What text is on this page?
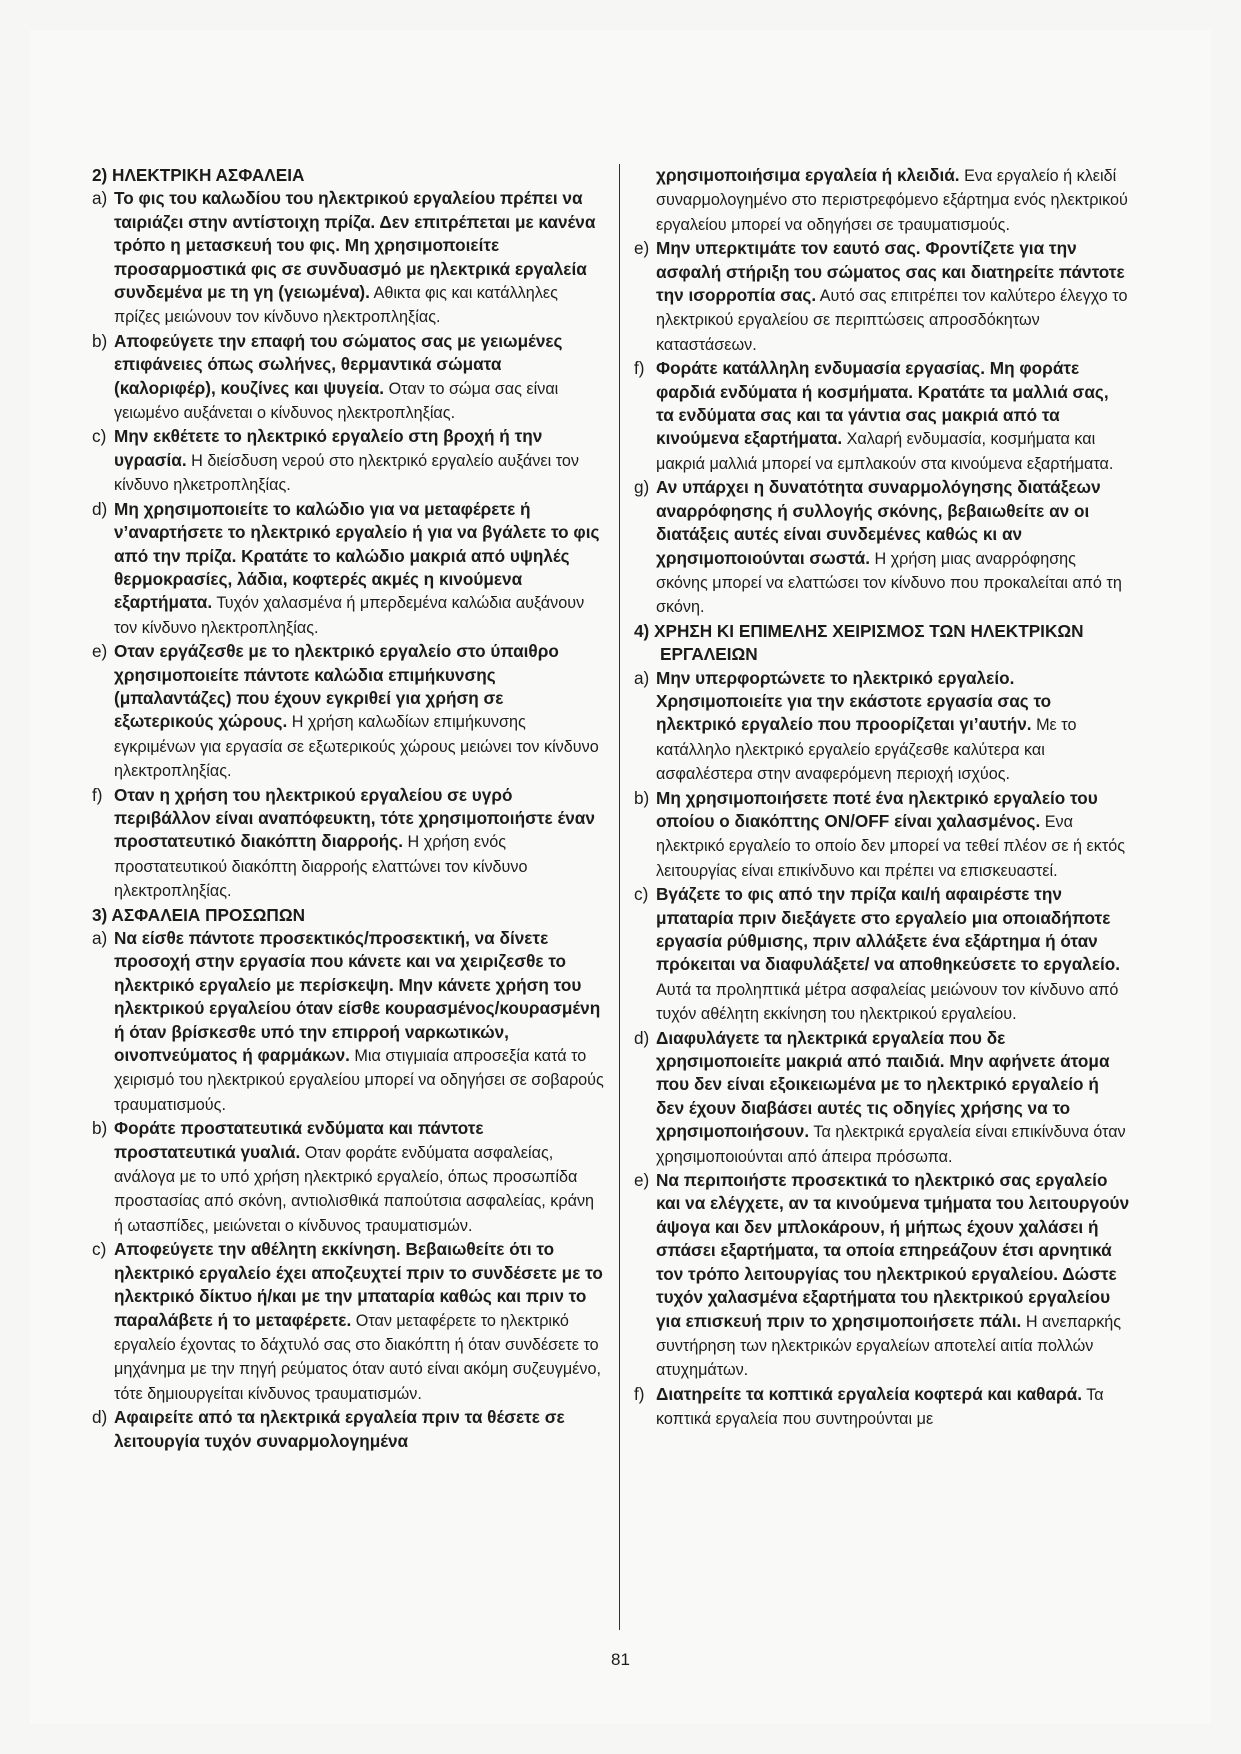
2) ΗΛΕΚΤΡΙΚΗ ΑΣΦΑΛΕΙΑ

a) Το φις του καλωδίου του ηλεκτρικού εργαλείου πρέπει να ταιριάζει στην αντίστοιχη πρίζα. Δεν επιτρέπεται με κανένα τρόπο η μετασκευή του φις. Μη χρησιμοποιείτε προσαρμοστικά φις σε συνδυασμό με ηλεκτρικά εργαλεία συνδεμένα με τη γη (γειωμένα). Αθικτα φις και κατάλληλες πρίζες μειώνουν τον κίνδυνο ηλεκτροπληξίας.
b) Αποφεύγετε την επαφή του σώματος σας με γειωμένες επιφάνειες όπως σωλήνες, θερμαντικά σώματα (καλοριφέρ), κουζίνες και ψυγεία. Οταν το σώμα σας είναι γειωμένο αυξάνεται ο κίνδυνος ηλεκτροπληξίας.
c) Μην εκθέτετε το ηλεκτρικό εργαλείο στη βροχή ή την υγρασία. Η διείσδυση νερού στο ηλεκτρικό εργαλείο αυξάνει τον κίνδυνο ηλκετροπληξίας.
d) Μη χρησιμοποιείτε το καλώδιο για να μεταφέρετε ή ν’αναρτήσετε το ηλεκτρικό εργαλείο ή για να βγάλετε το φις από την πρίζα. Κρατάτε το καλώδιο μακριά από υψηλές θερμοκρασίες, λάδια, κοφτερές ακμές η κινούμενα εξαρτήματα. Τυχόν χαλασμένα ή μπερδεμένα καλώδια αυξάνουν τον κίνδυνο ηλεκτροπληξίας.
e) Οταν εργάζεσθε με το ηλεκτρικό εργαλείο στο ύπαιθρο χρησιμοποιείτε πάντοτε καλώδια επιμήκυνσης (μπαλαντάζες) που έχουν εγκριθεί για χρήση σε εξωτερικούς χώρους. Η χρήση καλωδίων επιμήκυνσης εγκριμένων για εργασία σε εξωτερικούς χώρους μειώνει τον κίνδυνο ηλεκτροπληξίας.
f) Οταν η χρήση του ηλεκτρικού εργαλείου σε υγρό περιβάλλον είναι αναπόφευκτη, τότε χρησιμοποιήστε έναν προστατευτικό διακόπτη διαρροής. Η χρήση ενός προστατευτικού διακόπτη διαρροής ελαττώνει τον κίνδυνο ηλεκτροπληξίας.

3) ΑΣΦΑΛΕΙΑ ΠΡΟΣΩΠΩΝ

a) Να είσθε πάντοτε προσεκτικός/προσεκτική, να δίνετε προσοχή στην εργασία που κάνετε και να χειριζεσθε το ηλεκτρικό εργαλείο με περίσκεψη. Μην κάνετε χρήση του ηλεκτρικού εργαλείου όταν είσθε κουρασμένος/κουρασμένη ή όταν βρίσκεσθε υπό την επιρροή ναρκωτικών, οινοπνεύματος ή φαρμάκων. Μια στιγμιαία απροσεξία κατά το χειρισμό του ηλεκτρικού εργαλείου μπορεί να οδηγήσει σε σοβαρούς τραυματισμούς.
b) Φοράτε προστατευτικά ενδύματα και πάντοτε προστατευτικά γυαλιά. Οταν φοράτε ενδύματα ασφαλείας, ανάλογα με το υπό χρήση ηλεκτρικό εργαλείο, όπως προσωπίδα προστασίας από σκόνη, αντιολισθικά παπούτσια ασφαλείας, κράνη ή ωτασπίδες, μειώνεται ο κίνδυνος τραυματισμών.
c) Αποφεύγετε την αθέλητη εκκίνηση. Βεβαιωθείτε ότι το ηλεκτρικό εργαλείο έχει αποζευχτεί πριν το συνδέσετε με το ηλεκτρικό δίκτυο ή/και με την μπαταρία καθώς και πριν το παραλάβετε ή το μεταφέρετε. Οταν μεταφέρετε το ηλεκτρικό εργαλείο έχοντας το δάχτυλό σας στο διακόπτη ή όταν συνδέσετε το μηχάνημα με την πηγή ρεύματος όταν αυτό είναι ακόμη συζευγμένο, τότε δημιουργείται κίνδυνος τραυματισμών.
d) Αφαιρείτε από τα ηλεκτρικά εργαλεία πριν τα θέσετε σε λειτουργία τυχόν συναρμολογημένα
χρησιμοποιήσιμα εργαλεία ή κλειδιά. Ενα εργαλείο ή κλειδί συναρμολογημένο στο περιστρεφόμενο εξάρτημα ενός ηλεκτρικού εργαλείου μπορεί να οδηγήσει σε τραυματισμούς.
e) Μην υπερκτιμάτε τον εαυτό σας. Φροντίζετε για την ασφαλή στήριξη του σώματος σας και διατηρείτε πάντοτε την ισορροπία σας. Αυτό σας επιτρέπει τον καλύτερο έλεγχο το ηλεκτρικού εργαλείου σε περιπτώσεις απροσδόκητων καταστάσεων.
f) Φοράτε κατάλληλη ενδυμασία εργασίας. Μη φοράτε φαρδιά ενδύματα ή κοσμήματα. Κρατάτε τα μαλλιά σας, τα ενδύματα σας και τα γάντια σας μακριά από τα κινούμενα εξαρτήματα. Χαλαρή ενδυμασία, κοσμήματα και μακριά μαλλιά μπορεί να εμπλακούν στα κινούμενα εξαρτήματα.
g) Αν υπάρχει η δυνατότητα συναρμολόγησης διατάξεων αναρρόφησης ή συλλογής σκόνης, βεβαιωθείτε αν οι διατάξεις αυτές είναι συνδεμένες καθώς κι αν χρησιμοποιούνται σωστά. Η χρήση μιας αναρρόφησης σκόνης μπορεί να ελαττώσει τον κίνδυνο που προκαλείται από τη σκόνη.

4) ΧΡΗΣΗ ΚΙ ΕΠΙΜΕΛΗΣ ΧΕΙΡΙΣΜΟΣ ΤΩΝ ΗΛΕΚΤΡΙΚΩΝ ΕΡΓΑΛΕΙΩΝ

a) Μην υπερφορτώνετε το ηλεκτρικό εργαλείο. Χρησιμοποιείτε για την εκάστοτε εργασία σας το ηλεκτρικό εργαλείο που προορίζεται γι’αυτήν. Με το κατάλληλο ηλεκτρικό εργαλείο εργάζεσθε καλύτερα και ασφαλέστερα στην αναφερόμενη περιοχή ισχύος.
b) Μη χρησιμοποιήσετε ποτέ ένα ηλεκτρικό εργαλείο του οποίου ο διακόπτης ON/OFF είναι χαλασμένος. Ενα ηλεκτρικό εργαλείο το οποίο δεν μπορεί να τεθεί πλέον σε ή εκτός λειτουργίας είναι επικίνδυνο και πρέπει να επισκευαστεί.
c) Βγάζετε το φις από την πρίζα και/ή αφαιρέστε την μπαταρία πριν διεξάγετε στο εργαλείο μια οποιαδήποτε εργασία ρύθμισης, πριν αλλάξετε ένα εξάρτημα ή όταν πρόκειται να διαφυλάξετε/ να αποθηκεύσετε το εργαλείο. Αυτά τα προληπτικά μέτρα ασφαλείας μειώνουν τον κίνδυνο από τυχόν αθέλητη εκκίνηση του ηλεκτρικού εργαλείου.
d) Διαφυλάγετε τα ηλεκτρικά εργαλεία που δε χρησιμοποιείτε μακριά από παιδιά. Μην αφήνετε άτομα που δεν είναι εξοικειωμένα με το ηλεκτρικό εργαλείο ή δεν έχουν διαβάσει αυτές τις οδηγίες χρήσης να το χρησιμοποιήσουν. Τα ηλεκτρικά εργαλεία είναι επικίνδυνα όταν χρησιμοποιούνται από άπειρα πρόσωπα.
e) Να περιποιήστε προσεκτικά το ηλεκτρικό σας εργαλείο και να ελέγχετε, αν τα κινούμενα τμήματα του λειτουργούν άψογα και δεν μπλοκάρουν, ή μήπως έχουν χαλάσει ή σπάσει εξαρτήματα, τα οποία επηρεάζουν έτσι αρνητικά τον τρόπο λειτουργίας του ηλεκτρικού εργαλείου. Δώστε τυχόν χαλασμένα εξαρτήματα του ηλεκτρικού εργαλείου για επισκευή πριν το χρησιμοποιήσετε πάλι. Η ανεπαρκής συντήρηση των ηλεκτρικών εργαλείων αποτελεί αιτία πολλών ατυχημάτων.
f) Διατηρείτε τα κοπτικά εργαλεία κοφτερά και καθαρά. Τα κοπτικά εργαλεία που συντηρούνται με
81
